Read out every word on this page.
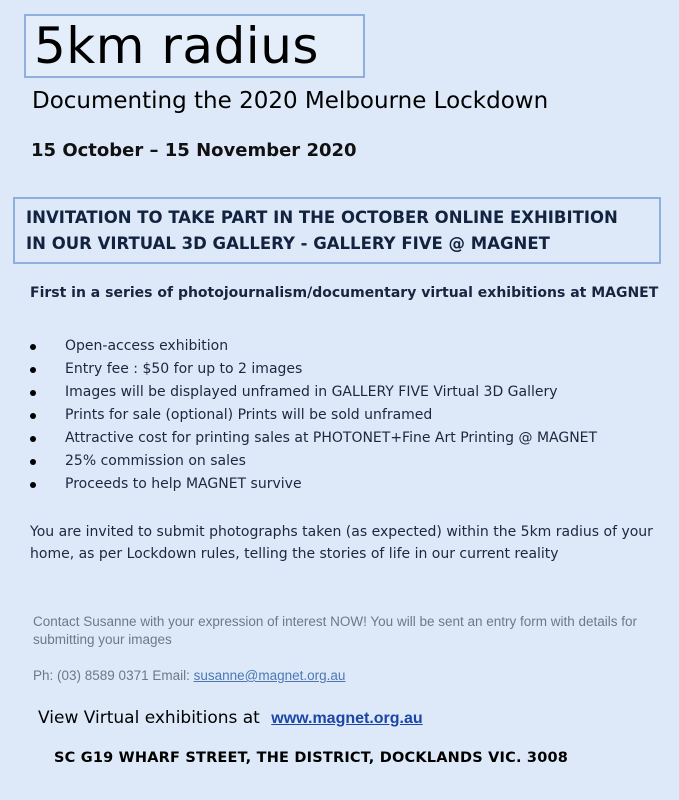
5km radius
Documenting the 2020 Melbourne Lockdown
15 October – 15 November 2020
INVITATION TO TAKE PART IN THE OCTOBER ONLINE EXHIBITION
IN OUR VIRTUAL 3D GALLERY - GALLERY FIVE @ MAGNET
First in a series of photojournalism/documentary virtual exhibitions at MAGNET
Open-access exhibition
Entry fee : $50 for up to 2 images
Images will be displayed unframed in GALLERY FIVE Virtual 3D Gallery
Prints for sale (optional) Prints will be sold unframed
Attractive cost for printing sales at PHOTONET+Fine Art Printing @ MAGNET
25% commission on sales
Proceeds to help MAGNET survive
You are invited to submit photographs taken (as expected) within the 5km radius of your home, as per Lockdown rules, telling the stories of life in our current reality
Contact Susanne with your expression of interest NOW! You will be sent an entry form with details for submitting your images
Ph: (03) 8589 0371 Email: susanne@magnet.org.au
View Virtual exhibitions at www.magnet.org.au
SC G19 WHARF STREET, THE DISTRICT, DOCKLANDS VIC. 3008
